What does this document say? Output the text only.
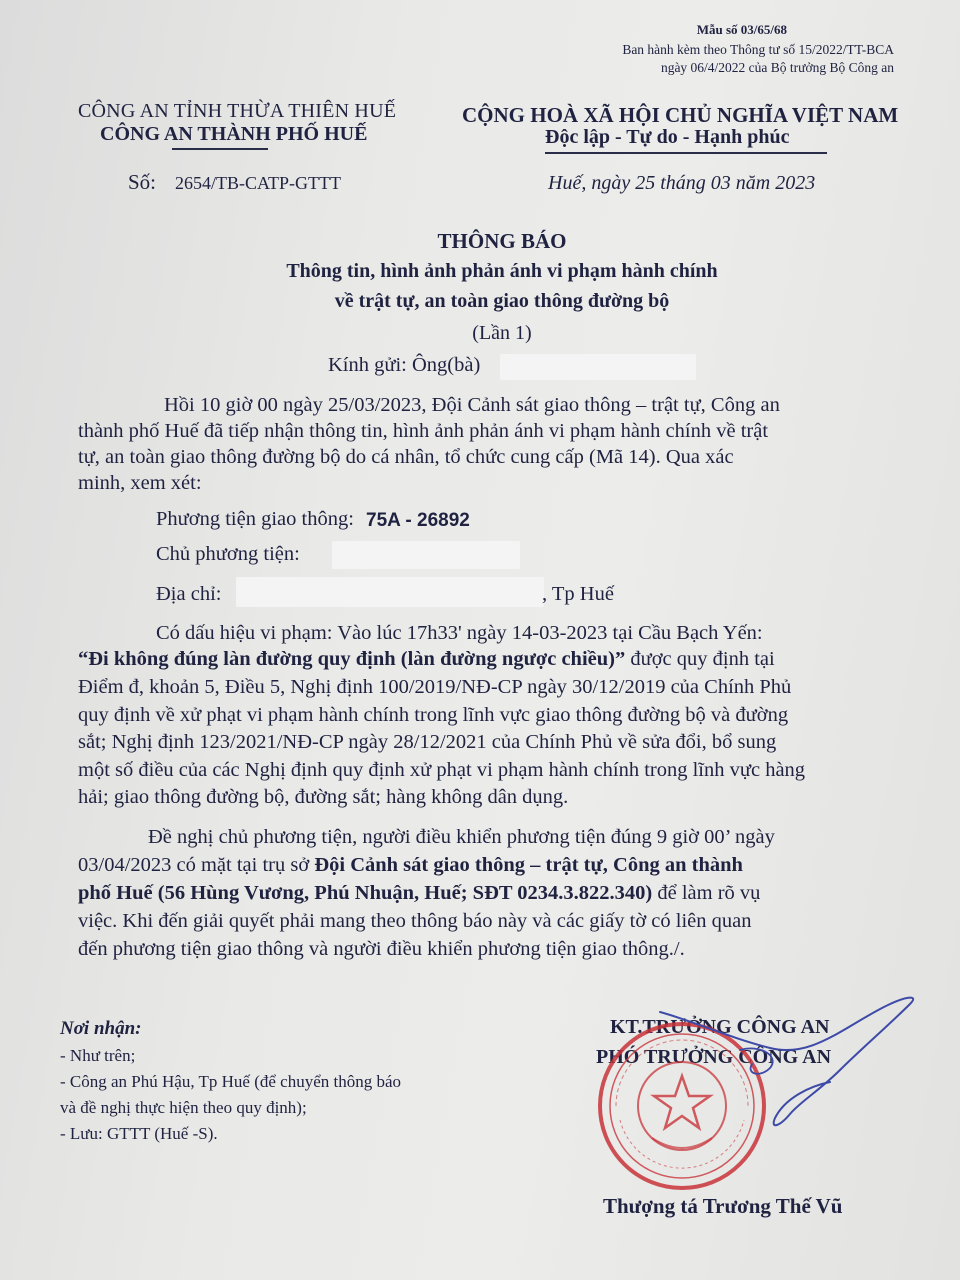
Mẫu số 03/65/68
Ban hành kèm theo Thông tư số 15/2022/TT-BCA
ngày 06/4/2022 của Bộ trưởng Bộ Công an
CÔNG AN TỈNH THỪA THIÊN HUẾ
CÔNG AN THÀNH PHỐ HUẾ
CỘNG HOÀ XÃ HỘI CHỦ NGHĨA VIỆT NAM
Độc lập - Tự do - Hạnh phúc
Số: 2654/TB-CATP-GTTT	Huế, ngày 25 tháng 03 năm 2023
THÔNG BÁO
Thông tin, hình ảnh phản ánh vi phạm hành chính
về trật tự, an toàn giao thông đường bộ
(Lần 1)
Kính gửi: Ông(bà)
Hồi 10 giờ 00 ngày 25/03/2023, Đội Cảnh sát giao thông – trật tự, Công an
thành phố Huế đã tiếp nhận thông tin, hình ảnh phản ánh vi phạm hành chính về trật
tự, an toàn giao thông đường bộ do cá nhân, tổ chức cung cấp (Mã 14). Qua xác
minh, xem xét:
Phương tiện giao thông: 75A - 26892
Chủ phương tiện:
Địa chỉ:	, Tp Huế
Có dấu hiệu vi phạm: Vào lúc 17h33' ngày 14-03-2023 tại Cầu Bạch Yến:
“Đi không đúng làn đường quy định (làn đường ngược chiều)” được quy định tại
Điểm đ, khoản 5, Điều 5, Nghị định 100/2019/NĐ-CP ngày 30/12/2019 của Chính Phủ
quy định về xử phạt vi phạm hành chính trong lĩnh vực giao thông đường bộ và đường
sắt; Nghị định 123/2021/NĐ-CP ngày 28/12/2021 của Chính Phủ về sửa đổi, bổ sung
một số điều của các Nghị định quy định xử phạt vi phạm hành chính trong lĩnh vực hàng
hải; giao thông đường bộ, đường sắt; hàng không dân dụng.
Đề nghị chủ phương tiện, người điều khiển phương tiện đúng 9 giờ 00’ ngày
03/04/2023 có mặt tại trụ sở Đội Cảnh sát giao thông – trật tự, Công an thành
phố Huế (56 Hùng Vương, Phú Nhuận, Huế; SĐT 0234.3.822.340) để làm rõ vụ
việc. Khi đến giải quyết phải mang theo thông báo này và các giấy tờ có liên quan
đến phương tiện giao thông và người điều khiển phương tiện giao thông./.
Nơi nhận:
- Như trên;
- Công an Phú Hậu, Tp Huế (để chuyển thông báo
và đề nghị thực hiện theo quy định);
- Lưu: GTTT (Huế -S).
KT.TRƯỞNG CÔNG AN
PHÓ TRƯỞNG CÔNG AN
Thượng tá Trương Thế Vũ
